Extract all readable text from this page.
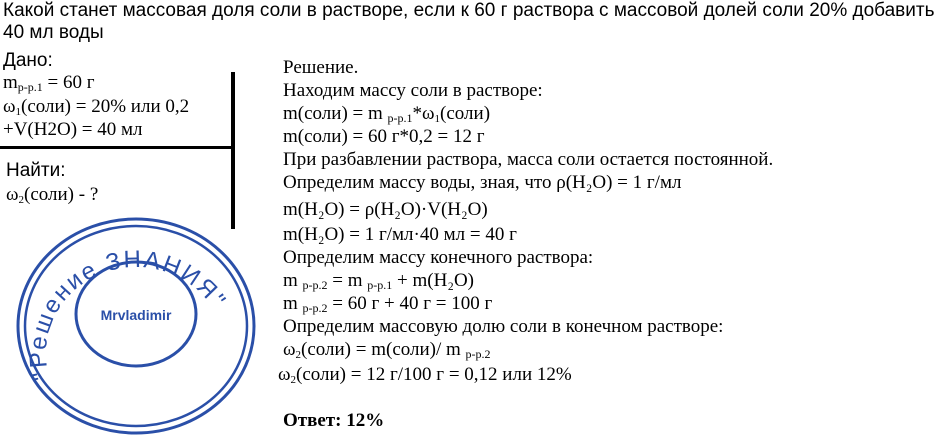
Какой станет массовая доля соли в растворе, если к 60 г раствора с массовой долей соли 20% добавить 40 мл воды
Дано:
$m_{р-р.1} = 60$ г
ω1(соли) = 20% или 0,2
+V(H2O) = 40 мл
Найти:
ω2(соли) - ?
"Решение ЗНАНИЯ"
Mrvladimir
Решение.
Находим массу соли в растворе:
m(соли) = m $_{р-р.1}$*ω1(соли)
m(соли) = 60 г*0,2 = 12 г
При разбавлении раствора, масса соли остается постоянной.
Определим массу воды, зная, что ρ(H₂O) = 1 г/мл
m(H₂O) = ρ(H₂O)·V(H₂O)
m(H₂O) = 1 г/мл·40 мл = 40 г
Определим массу конечного раствора:
m $_{р-р.2}$ = m $_{р-р.1}$ + m(H₂O)
m $_{р-р.2}$ = 60 г + 40 г = 100 г
Определим массовую долю соли в конечном растворе:
ω2(соли) = m(соли)/ m $_{р-р.2}$
ω2(соли) = 12 г/100 г = 0,12 или 12%
Ответ: 12%
